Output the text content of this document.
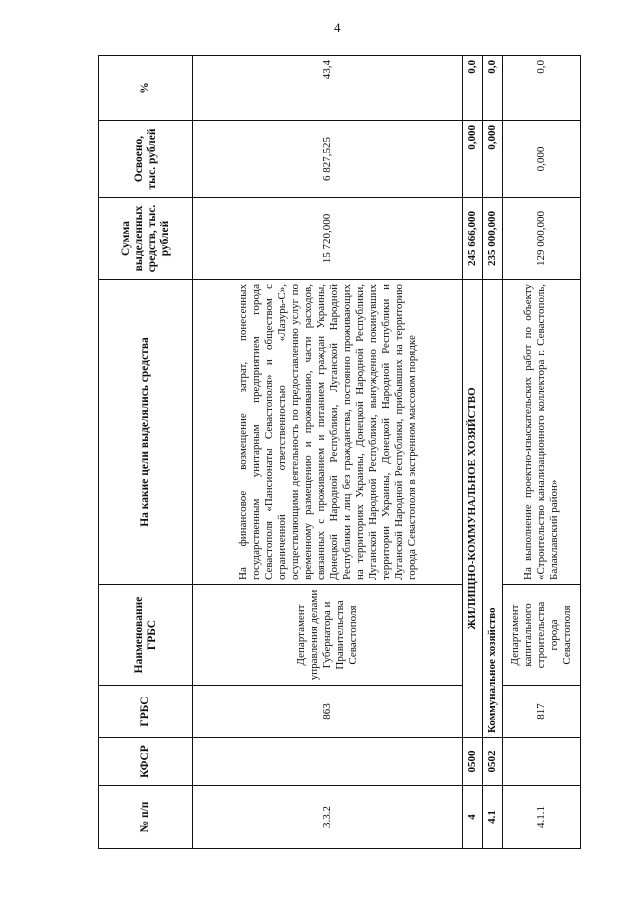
4
№ п/п	КФСР	ГРБС	Наименование ГРБС	На какие цели выделялись средства	Сумма выделенных средств, тыс. рублей	Освоено, тыс. рублей	%
3.3.2		863	Департамент управления делами Губернатора и Правительства Севастополя	На финансовое возмещение затрат, понесенных государственным унитарным предприятием города Севастополя «Пансионаты Севастополя» и обществом с ограниченной ответственностью «Лазурь-С», осуществляющими деятельность по предоставлению услуг по временному размещению и проживанию, части расходов, связанных с проживанием и питанием граждан Украины, Донецкой Народной Республики, Луганской Народной Республики и лиц без гражданства, постоянно проживающих на территориях Украины, Донецкой Народной Республики, Луганской Народной Республики, вынужденно покинувших территории Украины, Донецкой Народной Республики и Луганской Народной Республики, прибывших на территорию города Севастополя в экстренном массовом порядке	15 720,000	6 827,525	43,4
4	0500	ЖИЛИЩНО-КОММУНАЛЬНОЕ ХОЗЯЙСТВО			245 666,000	0,000	0,0
4.1	0502	Коммунальное хозяйство			235 000,000	0,000	0,0
4.1.1		817	Департамент капитального строительства города Севастополя	На выполнение проектно-изыскательских работ по объекту «Строительство канализационного коллектора г. Севастополь, Балаклавский район»	129 000,000	0,000	0,0
